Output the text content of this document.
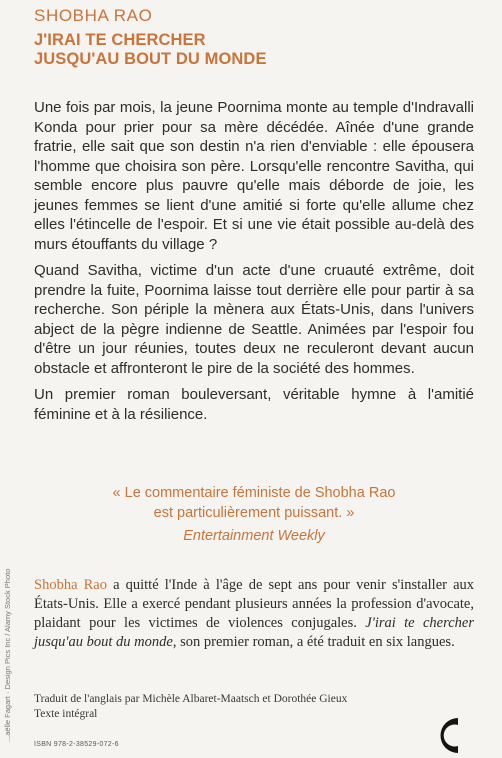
SHOBHA RAO
J'IRAI TE CHERCHER
JUSQU'AU BOUT DU MONDE

Une fois par mois, la jeune Poornima monte au temple d'Indravalli Konda pour prier pour sa mère décédée. Aînée d'une grande fratrie, elle sait que son destin n'a rien d'enviable : elle épousera l'homme que choisira son père. Lorsqu'elle rencontre Savitha, qui semble encore plus pauvre qu'elle mais déborde de joie, les jeunes femmes se lient d'une amitié si forte qu'elle allume chez elles l'étincelle de l'espoir. Et si une vie était possible au-delà des murs étouffants du village ?

Quand Savitha, victime d'un acte d'une cruauté extrême, doit prendre la fuite, Poornima laisse tout derrière elle pour partir à sa recherche. Son périple la mènera aux États-Unis, dans l'univers abject de la pègre indienne de Seattle. Animées par l'espoir fou d'être un jour réunies, toutes deux ne reculeront devant aucun obstacle et affronteront le pire de la société des hommes.

Un premier roman bouleversant, véritable hymne à l'amitié féminine et à la résilience.

« Le commentaire féministe de Shobha Rao
est particulièrement puissant. »
Entertainment Weekly
Shobha Rao a quitté l'Inde à l'âge de sept ans pour venir s'installer aux États-Unis. Elle a exercé pendant plusieurs années la profession d'avocate, plaidant pour les victimes de violences conjugales. J'irai te chercher jusqu'au bout du monde, son premier roman, a été traduit en six langues.
Traduit de l'anglais par Michèle Albaret-Maatsch et Dorothée Gieux
Texte intégral
...aëlle Fagart · Design Pics Inc / Alamy Stock Photo
ISBN 978-2-38529-072-6
